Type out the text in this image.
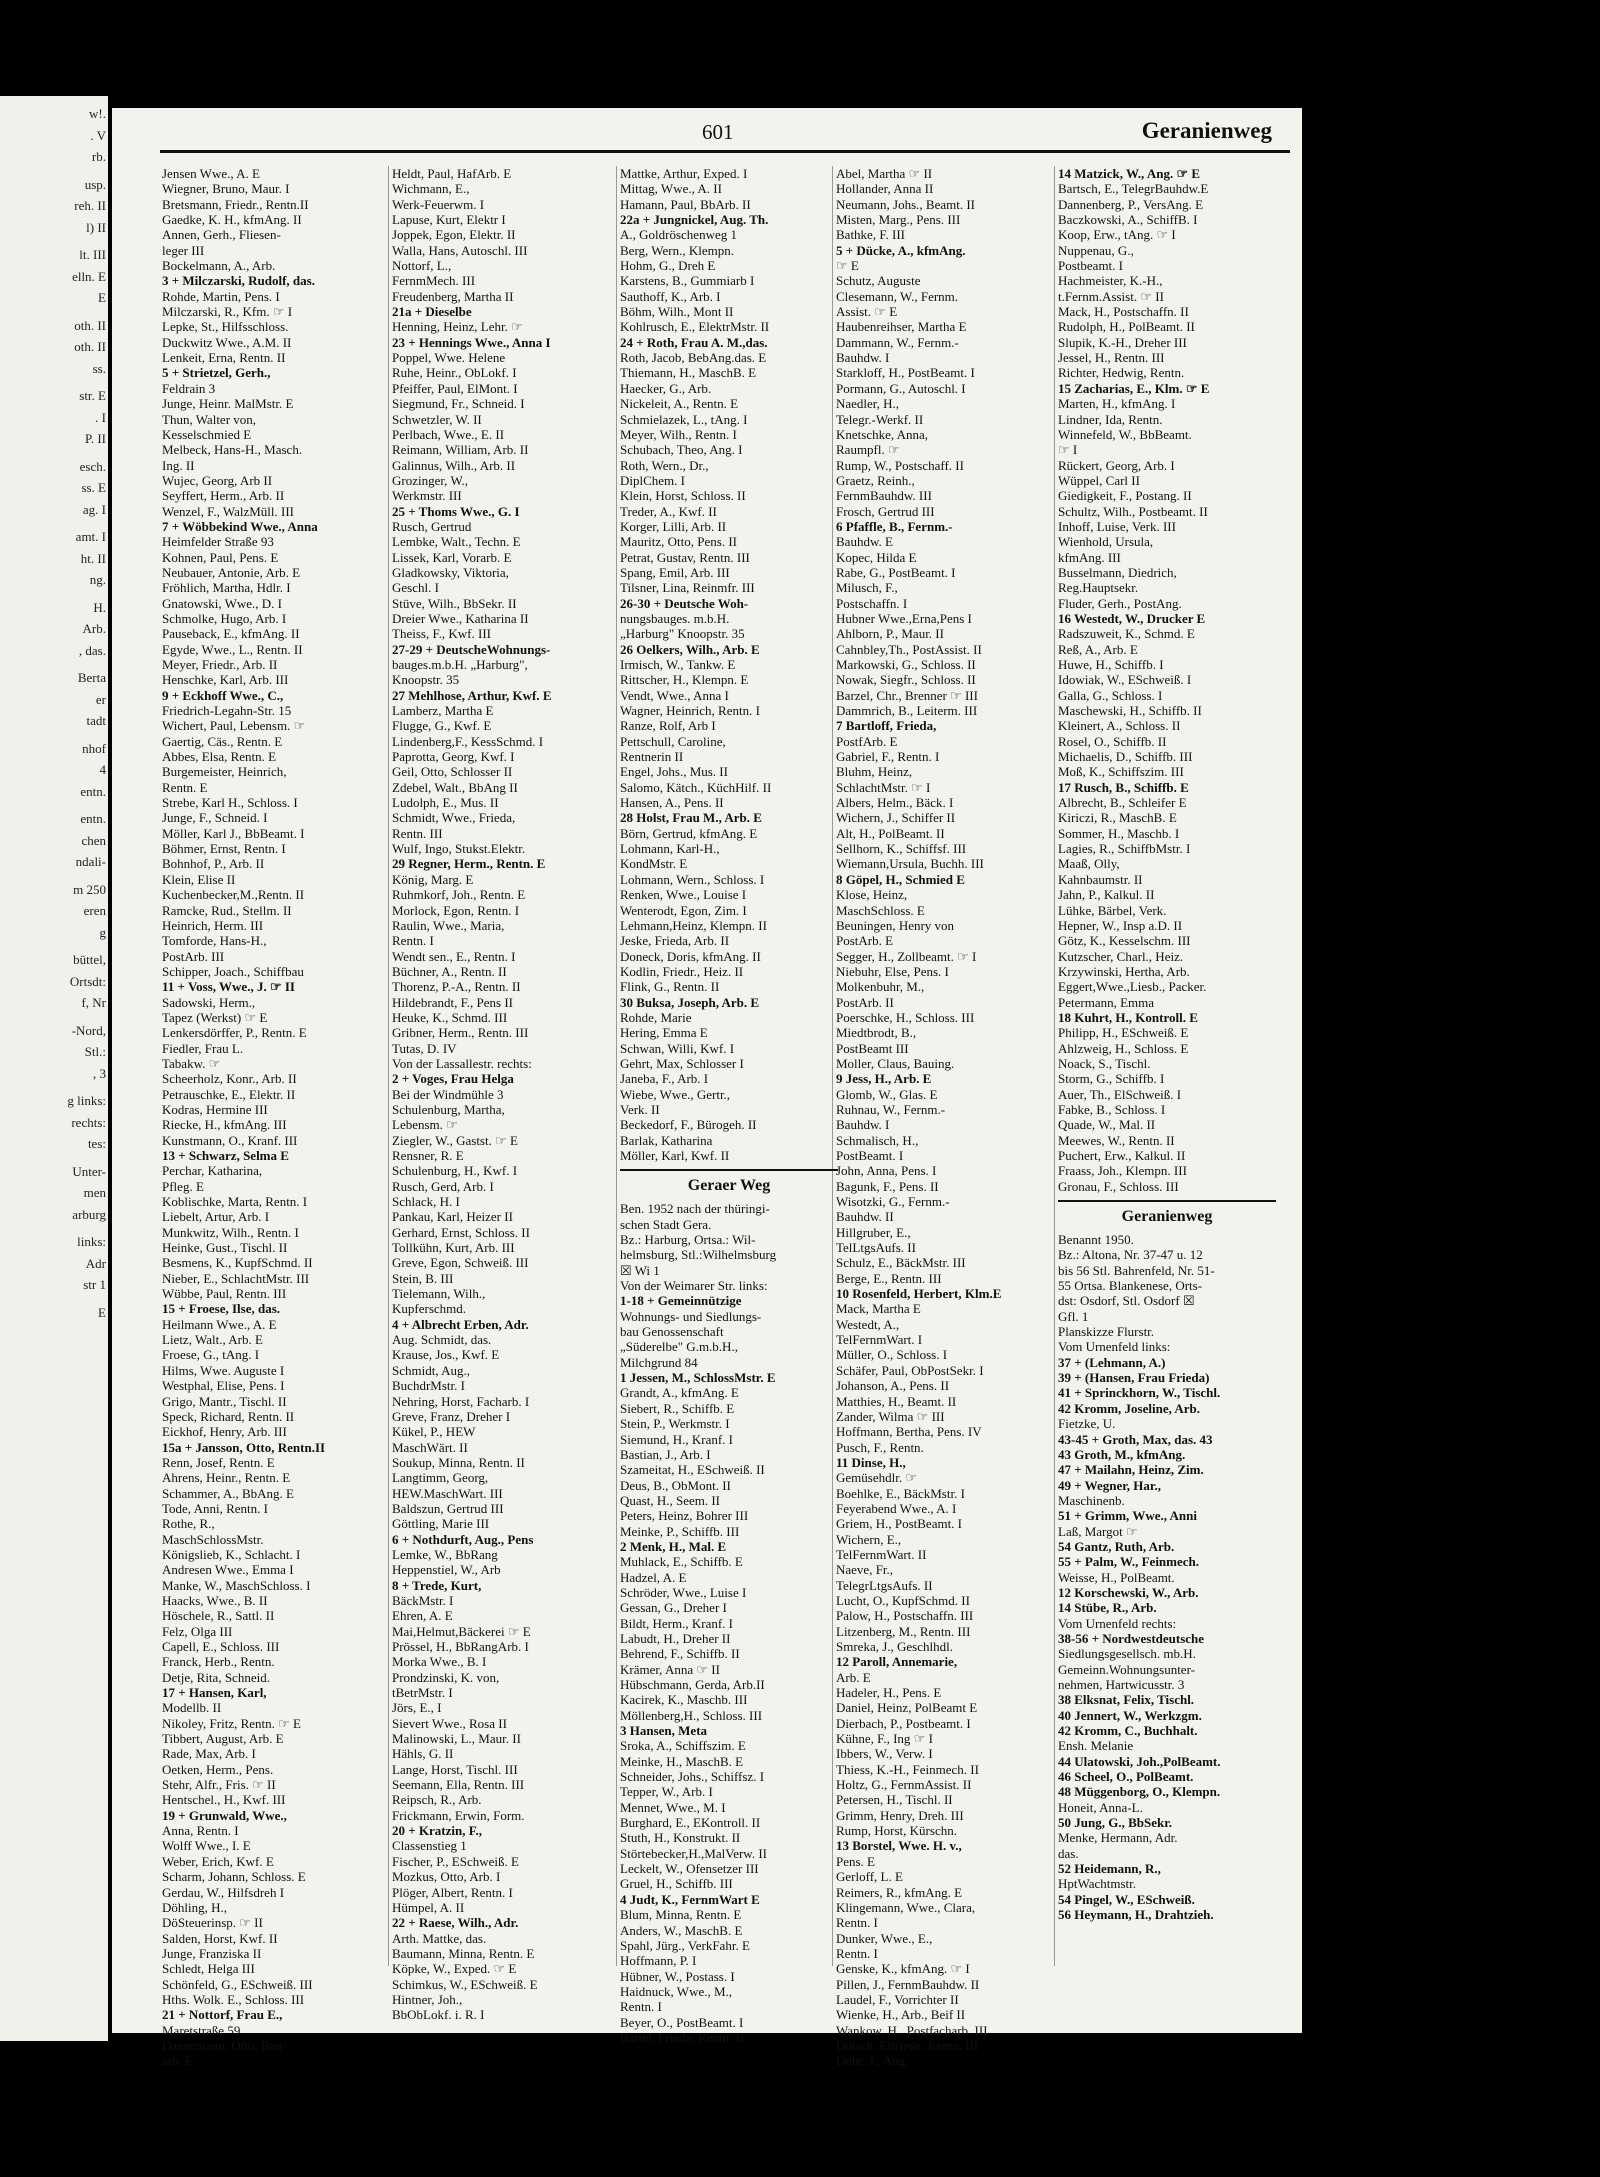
w!.
. V
rb.
usp.
reh. II
l) II
lt. III
elln. E
E
oth. II
oth. II
ss.
str. E
. I
P. II
esch.
ss. E
ag. I
amt. I
ht. II
ng.
H.
Arb.
, das.
Berta
er
tadt
nhof
4
entn.
entn.
chen
ndali-
m 250
eren
g
büttel,
Ortsdt:
f, Nr
-Nord,
Stl.:
, 3
g links:
rechts:
tes:
Unter-
men
arburg
links:
Adr
str 1
E
601	Geranienweg
Jensen Wwe., A. E
Wiegner, Bruno, Maur. I
Bretsmann, Friedr., Rentn.II
Gaedke, K. H., kfmAng. II
Annen, Gerh., Fliesen-
leger III
Bockelmann, A., Arb.
3 + Milczarski, Rudolf, das.
Rohde, Martin, Pens. I
Milczarski, R., Kfm. ☞ I
Lepke, St., Hilfsschloss.
Duckwitz Wwe., A.M. II
Lenkeit, Erna, Rentn. II
5 + Strietzel, Gerh.,
Feldrain 3
Junge, Heinr. MalMstr. E
Thun, Walter von,
Kesselschmied E
Melbeck, Hans-H., Masch.
Ing. II
Wujec, Georg, Arb II
Seyffert, Herm., Arb. II
Wenzel, F., WalzMüll. III
7 + Wöbbekind Wwe., Anna
Heimfelder Straße 93
Kohnen, Paul, Pens. E
Neubauer, Antonie, Arb. E
Fröhlich, Martha, Hdlr. I
Gnatowski, Wwe., D. I
Schmolke, Hugo, Arb. I
Pauseback, E., kfmAng. II
Egyde, Wwe., L., Rentn. II
Meyer, Friedr., Arb. II
Henschke, Karl, Arb. III
9 + Eckhoff Wwe., C.,
Friedrich-Legahn-Str. 15
Wichert, Paul, Lebensm. ☞
Gaertig, Cäs., Rentn. E
Abbes, Elsa, Rentn. E
Burgemeister, Heinrich,
Rentn. E
Strebe, Karl H., Schloss. I
Junge, F., Schneid. I
Möller, Karl J., BbBeamt. I
Böhmer, Ernst, Rentn. I
Bohnhof, P., Arb. II
Klein, Elise II
Kuchenbecker,M.,Rentn. II
Ramcke, Rud., Stellm. II
Heinrich, Herm. III
Tomforde, Hans-H.,
PostArb. III
Schipper, Joach., Schiffbau
11 + Voss, Wwe., J. ☞ II
Sadowski, Herm.,
Tapez (Werkst) ☞ E
Lenkersdörffer, P., Rentn. E
Fiedler, Frau L.
Tabakw. ☞
Scheerholz, Konr., Arb. II
Petrauschke, E., Elektr. II
Kodras, Hermine III
Riecke, H., kfmAng. III
Kunstmann, O., Kranf. III
13 + Schwarz, Selma E
Perchar, Katharina,
Pfleg. E
Koblischke, Marta, Rentn. I
Liebelt, Artur, Arb. I
Munkwitz, Wilh., Rentn. I
Heinke, Gust., Tischl. II
Besmens, K., KupfSchmd. II
Nieber, E., SchlachtMstr. III
Wübbe, Paul, Rentn. III
15 + Froese, Ilse, das.
Heilmann Wwe., A. E
Lietz, Walt., Arb. E
Froese, G., tAng. I
Hilms, Wwe. Auguste I
Westphal, Elise, Pens. I
Grigo, Mantr., Tischl. II
Speck, Richard, Rentn. II
Eickhof, Henry, Arb. III
15a + Jansson, Otto, Rentn.II
Renn, Josef, Rentn. E
Ahrens, Heinr., Rentn. E
Schammer, A., BbAng. E
Tode, Anni, Rentn. I
Rothe, R.,
MaschSchlossMstr.
Königslieb, K., Schlacht. I
Andresen Wwe., Emma I
Manke, W., MaschSchloss. I
Haacks, Wwe., B. II
Höschele, R., Sattl. II
Felz, Olga III
Capell, E., Schloss. III
Franck, Herb., Rentn.
Detje, Rita, Schneid.
17 + Hansen, Karl,
Modellb. II
Nikoley, Fritz, Rentn. ☞ E
Tibbert, August, Arb. E
Rade, Max, Arb. I
Oetken, Herm., Pens.
Stehr, Alfr., Fris. ☞ II
Hentschel., H., Kwf. III
19 + Grunwald, Wwe.,
Anna, Rentn. I
Wolff Wwe., I. E
Weber, Erich, Kwf. E
Scharm, Johann, Schloss. E
Gerdau, W., Hilfsdreh I
Döhling, H.,
DöSteuerinsp. ☞ II
Salden, Horst, Kwf. II
Junge, Franziska II
Schledt, Helga III
Schönfeld, G., ESchweiß. III
Hths. Wolk. E., Schloss. III
21 + Nottorf, Frau E.,
Maretstraße 59
Dannemann, Otto, Bau-
arb. E
Heldt, Paul, HafArb. E
Wichmann, E.,
Werk-Feuerwm. I
Lapuse, Kurt, Elektr I
Joppek, Egon, Elektr. II
Walla, Hans, Autoschl. III
Nottorf, L.,
FernmMech. III
Freudenberg, Martha II
21a + Dieselbe
Henning, Heinz, Lehr. ☞
23 + Hennings Wwe., Anna I
Poppel, Wwe. Helene
Ruhe, Heinr., ObLokf. I
Pfeiffer, Paul, ElMont. I
Siegmund, Fr., Schneid. I
Schwetzler, W. II
Perlbach, Wwe., E. II
Reimann, William, Arb. II
Galinnus, Wilh., Arb. II
Grozinger, W.,
Werkmstr. III
25 + Thoms Wwe., G. I
Rusch, Gertrud
Lembke, Walt., Techn. E
Lissek, Karl, Vorarb. E
Gladkowsky, Viktoria,
Geschl. I
Stüve, Wilh., BbSekr. II
Dreier Wwe., Katharina II
Theiss, F., Kwf. III
27-29 + DeutscheWohnungs-
bauges.m.b.H. „Harburg",
Knoopstr. 35
27 Mehlhose, Arthur, Kwf. E
Lamberz, Martha E
Flugge, G., Kwf. E
Lindenberg,F., KessSchmd. I
Paprotta, Georg, Kwf. I
Geil, Otto, Schlosser II
Zdebel, Walt., BbAng II
Ludolph, E., Mus. II
Schmidt, Wwe., Frieda,
Rentn. III
Wulf, Ingo, Stukst.Elektr.
29 Regner, Herm., Rentn. E
König, Marg. E
Ruhmkorf, Joh., Rentn. E
Morlock, Egon, Rentn. I
Raulin, Wwe., Maria,
Rentn. I
Wendt sen., E., Rentn. I
Büchner, A., Rentn. II
Thorenz, P.-A., Rentn. II
Hildebrandt, F., Pens II
Heuke, K., Schmd. III
Gribner, Herm., Rentn. III
Tutas, D. IV
Von der Lassallestr. rechts:
2 + Voges, Frau Helga
Bei der Windmühle 3
Schulenburg, Martha,
Lebensm. ☞
Ziegler, W., Gastst. ☞ E
Rensner, R. E
Schulenburg, H., Kwf. I
Rusch, Gerd, Arb. I
Schlack, H. I
Pankau, Karl, Heizer II
Gerhard, Ernst, Schloss. II
Tollkühn, Kurt, Arb. III
Greve, Egon, Schweiß. III
Stein, B. III
Tielemann, Wilh.,
Kupferschmd.
4 + Albrecht Erben, Adr.
Aug. Schmidt, das.
Krause, Jos., Kwf. E
Schmidt, Aug.,
BuchdrMstr. I
Nehring, Horst, Facharb. I
Greve, Franz, Dreher I
Kükel, P., HEW
MaschWärt. II
Soukup, Minna, Rentn. II
Langtimm, Georg,
HEW.MaschWart. III
Baldszun, Gertrud III
Göttling, Marie III
6 + Nothdurft, Aug., Pens
Lemke, W., BbRang
Heppenstiel, W., Arb
8 + Trede, Kurt,
BäckMstr. I
Ehren, A. E
Mai,Helmut,Bäckerei ☞ E
Prössel, H., BbRangArb. I
Morka Wwe., B. I
Prondzinski, K. von,
tBetrMstr. I
Jörs, E., I
Sievert Wwe., Rosa II
Malinowski, L., Maur. II
Hähls, G. II
Lange, Horst, Tischl. III
Seemann, Ella, Rentn. III
Reipsch, R., Arb.
Frickmann, Erwin, Form.
20 + Kratzin, F.,
Classenstieg 1
Fischer, P., ESchweiß. E
Mozkus, Otto, Arb. I
Plöger, Albert, Rentn. I
Hümpel, A. II
22 + Raese, Wilh., Adr.
Arth. Mattke, das.
Baumann, Minna, Rentn. E
Köpke, W., Exped. ☞ E
Schimkus, W., ESchweiß. E
Hintner, Joh.,
BbObLokf. i. R. I
Mattke, Arthur, Exped. I
Mittag, Wwe., A. II
Hamann, Paul, BbArb. II
22a + Jungnickel, Aug. Th.
A., Goldröschenweg 1
Berg, Wern., Klempn.
Hohm, G., Dreh E
Karstens, B., Gummiarb I
Sauthoff, K., Arb. I
Böhm, Wilh., Mont II
Kohlrusch, E., ElektrMstr. II
24 + Roth, Frau A. M.,das.
Roth, Jacob, BebAng.das. E
Thiemann, H., MaschB. E
Haecker, G., Arb.
Nickeleit, A., Rentn. E
Schmielazek, L., tAng. I
Meyer, Wilh., Rentn. I
Schubach, Theo, Ang. I
Roth, Wern., Dr.,
DiplChem. I
Klein, Horst, Schloss. II
Treder, A., Kwf. II
Korger, Lilli, Arb. II
Mauritz, Otto, Pens. II
Petrat, Gustav, Rentn. III
Spang, Emil, Arb. III
Tilsner, Lina, Reinmfr. III
26-30 + Deutsche Woh-
nungsbauges. m.b.H.
„Harburg" Knoopstr. 35
26 Oelkers, Wilh., Arb. E
Irmisch, W., Tankw. E
Rittscher, H., Klempn. E
Vendt, Wwe., Anna I
Wagner, Heinrich, Rentn. I
Ranze, Rolf, Arb I
Pettschull, Caroline,
Rentnerin II
Engel, Johs., Mus. II
Salomo, Kätch., KüchHilf. II
Hansen, A., Pens. II
28 Holst, Frau M., Arb. E
Börn, Gertrud, kfmAng. E
Lohmann, Karl-H.,
KondMstr. E
Lohmann, Wern., Schloss. I
Renken, Wwe., Louise I
Wenterodt, Egon, Zim. I
Lehmann,Heinz, Klempn. II
Jeske, Frieda, Arb. II
Doneck, Doris, kfmAng. II
Kodlin, Friedr., Heiz. II
Flink, G., Rentn. II
30 Buksa, Joseph, Arb. E
Rohde, Marie
Hering, Emma E
Schwan, Willi, Kwf. I
Gehrt, Max, Schlosser I
Janeba, F., Arb. I
Wiebe, Wwe., Gertr.,
Verk. II
Beckedorf, F., Bürogeh. II
Barlak, Katharina
Möller, Karl, Kwf. II
Geraer Weg
Ben. 1952 nach der thüringi-
schen Stadt Gera.
Bz.: Harburg, Ortsa.: Wil-
helmsburg, Stl.:Wilhelmsburg
☒ Wi 1
Von der Weimarer Str. links:
1-18 + Gemeinnützige
Wohnungs- und Siedlungs-
bau Genossenschaft
„Süderelbe" G.m.b.H.,
Milchgrund 84
1 Jessen, M., SchlossMstr. E
Grandt, A., kfmAng. E
Siebert, R., Schiffb. E
Stein, P., Werkmstr. I
Siemund, H., Kranf. I
Bastian, J., Arb. I
Szameitat, H., ESchweiß. II
Deus, B., ObMont. II
Quast, H., Seem. II
Peters, Heinz, Bohrer III
Meinke, P., Schiffb. III
2 Menk, H., Mal. E
Muhlack, E., Schiffb. E
Hadzel, A. E
Schröder, Wwe., Luise I
Gessan, G., Dreher I
Bildt, Herm., Kranf. I
Labudt, H., Dreher II
Behrend, F., Schiffb. II
Krämer, Anna ☞ II
Hübschmann, Gerda, Arb.II
Kacirek, K., Maschb. III
Möllenberg,H., Schloss. III
3 Hansen, Meta
Sroka, A., Schiffszim. E
Meinke, H., MaschB. E
Schneider, Johs., Schiffsz. I
Tepper, W., Arb. I
Mennet, Wwe., M. I
Burghard, E., EKontroll. II
Stuth, H., Konstrukt. II
Störtebecker,H.,MalVerw. II
Leckelt, W., Ofensetzer III
Gruel, H., Schiffb. III
4 Judt, K., FernmWart E
Blum, Minna, Rentn. E
Anders, W., MaschB. E
Spahl, Jürg., VerkFahr. E
Hoffmann, P. I
Hübner, W., Postass. I
Haidnuck, Wwe., M.,
Rentn. I
Beyer, O., PostBeamt. I
Bartel, Frieda, Rentn. II
Abel, Martha ☞ II
Hollander, Anna II
Neumann, Johs., Beamt. II
Misten, Marg., Pens. III
Bathke, F. III
5 + Dücke, A., kfmAng.
☞ E
Schutz, Auguste
Clesemann, W., Fernm.
Assist. ☞ E
Haubenreihser, Martha E
Dammann, W., Fernm.-
Bauhdw. I
Starkloff, H., PostBeamt. I
Pormann, G., Autoschl. I
Naedler, H.,
Telegr.-Werkf. II
Knetschke, Anna,
Raumpfl. ☞
Rump, W., Postschaff. II
Graetz, Reinh.,
FernmBauhdw. III
Frosch, Gertrud III
6 Pfaffle, B., Fernm.-
Bauhdw. E
Kopec, Hilda E
Rabe, G., PostBeamt. I
Milusch, F.,
Postschaffn. I
Hubner Wwe.,Erna,Pens I
Ahlborn, P., Maur. II
Cahnbley,Th., PostAssist. II
Markowski, G., Schloss. II
Nowak, Siegfr., Schloss. II
Barzel, Chr., Brenner ☞ III
Dammrich, B., Leiterm. III
7 Bartloff, Frieda,
PostfArb. E
Gabriel, F., Rentn. I
Bluhm, Heinz,
SchlachtMstr. ☞ I
Albers, Helm., Bäck. I
Wichern, J., Schiffer II
Alt, H., PolBeamt. II
Sellhorn, K., Schiffsf. III
Wiemann,Ursula, Buchh. III
8 Göpel, H., Schmied E
Klose, Heinz,
MaschSchloss. E
Beuningen, Henry von
PostArb. E
Segger, H., Zollbeamt. ☞ I
Niebuhr, Else, Pens. I
Molkenbuhr, M.,
PostArb. II
Poerschke, H., Schloss. III
Miedtbrodt, B.,
PostBeamt III
Moller, Claus, Bauing.
9 Jess, H., Arb. E
Glomb, W., Glas. E
Ruhnau, W., Fernm.-
Bauhdw. I
Schmalisch, H.,
PostBeamt. I
John, Anna, Pens. I
Bagunk, F., Pens. II
Wisotzki, G., Fernm.-
Bauhdw. II
Hillgruber, E.,
TelLtgsAufs. II
Schulz, E., BäckMstr. III
Berge, E., Rentn. III
10 Rosenfeld, Herbert, Klm.E
Mack, Martha E
Westedt, A.,
TelFernmWart. I
Müller, O., Schloss. I
Schäfer, Paul, ObPostSekr. I
Johanson, A., Pens. II
Matthies, H., Beamt. II
Zander, Wilma ☞ III
Hoffmann, Bertha, Pens. IV
Pusch, F., Rentn.
11 Dinse, H.,
Gemüsehdlr. ☞
Boehlke, E., BäckMstr. I
Feyerabend Wwe., A. I
Griem, H., PostBeamt. I
Wichern, E.,
TelFernmWart. II
Naeve, Fr.,
TelegrLtgsAufs. II
Lucht, O., KupfSchmd. II
Palow, H., Postschaffn. III
Litzenberg, M., Rentn. III
Smreka, J., Geschlhdl.
12 Paroll, Annemarie,
Arb. E
Hadeler, H., Pens. E
Daniel, Heinz, PolBeamt E
Dierbach, P., Postbeamt. I
Kühne, F., Ing ☞ I
Ibbers, W., Verw. I
Thiess, K.-H., Feinmech. II
Holtz, G., FernmAssist. II
Petersen, H., Tischl. II
Grimm, Henry, Dreh. III
Rump, Horst, Kürschn.
13 Borstel, Wwe. H. v.,
Pens. E
Gerloff, L. E
Reimers, R., kfmAng. E
Klingemann, Wwe., Clara,
Rentn. I
Dunker, Wwe., E.,
Rentn. I
Genske, K., kfmAng. ☞ I
Pillen, J., FernmBauhdw. II
Laudel, F., Vorrichter II
Wienke, H., Arb., Beif II
Wankow, H., Postfacharb. III
Dütsch, Elfriede, Rentn. III
Dohr, J., Ang.
14 Matzick, W., Ang. ☞ E
Bartsch, E., TelegrBauhdw.E
Dannenberg, P., VersAng. E
Baczkowski, A., SchiffB. I
Koop, Erw., tAng. ☞ I
Nuppenau, G.,
Postbeamt. I
Hachmeister, K.-H.,
t.Fernm.Assist. ☞ II
Mack, H., Postschaffn. II
Rudolph, H., PolBeamt. II
Slupik, K.-H., Dreher III
Jessel, H., Rentn. III
Richter, Hedwig, Rentn.
15 Zacharias, E., Klm. ☞ E
Marten, H., kfmAng. I
Lindner, Ida, Rentn.
Winnefeld, W., BbBeamt.
☞ I
Rückert, Georg, Arb. I
Wüppel, Carl II
Giedigkeit, F., Postang. II
Schultz, Wilh., Postbeamt. II
Inhoff, Luise, Verk. III
Wienhold, Ursula,
kfmAng. III
Busselmann, Diedrich,
Reg.Hauptsekr.
Fluder, Gerh., PostAng.
16 Westedt, W., Drucker E
Radszuweit, K., Schmd. E
Reß, A., Arb. E
Huwe, H., Schiffb. I
Idowiak, W., ESchweiß. I
Galla, G., Schloss. I
Maschewski, H., Schiffb. II
Kleinert, A., Schloss. II
Rosel, O., Schiffb. II
Michaelis, D., Schiffb. III
Moß, K., Schiffszim. III
17 Rusch, B., Schiffb. E
Albrecht, B., Schleifer E
Kiriczi, R., MaschB. E
Sommer, H., Maschb. I
Lagies, R., SchiffbMstr. I
Maaß, Olly,
Kahnbaumstr. II
Jahn, P., Kalkul. II
Lühke, Bärbel, Verk.
Hepner, W., Insp a.D. II
Götz, K., Kesselschm. III
Kutzscher, Charl., Heiz.
Krzywinski, Hertha, Arb.
Eggert,Wwe.,Liesb., Packer.
Petermann, Emma
18 Kuhrt, H., Kontroll. E
Philipp, H., ESchweiß. E
Ahlzweig, H., Schloss. E
Noack, S., Tischl.
Storm, G., Schiffb. I
Auer, Th., ElSchweiß. I
Fabke, B., Schloss. I
Quade, W., Mal. II
Meewes, W., Rentn. II
Puchert, Erw., Kalkul. II
Fraass, Joh., Klempn. III
Gronau, F., Schloss. III
Geranienweg
Benannt 1950.
Bz.: Altona, Nr. 37-47 u. 12
bis 56 Stl. Bahrenfeld, Nr. 51-
55 Ortsa. Blankenese, Orts-
dst: Osdorf, Stl. Osdorf ☒
Gfl. 1
Planskizze Flurstr.
Vom Urnenfeld links:
37 + (Lehmann, A.)
39 + (Hansen, Frau Frieda)
41 + Sprinckhorn, W., Tischl.
42 Kromm, Joseline, Arb.
Fietzke, U.
43-45 + Groth, Max, das. 43
43 Groth, M., kfmAng.
47 + Mailahn, Heinz, Zim.
49 + Wegner, Har.,
Maschinenb.
51 + Grimm, Wwe., Anni
Laß, Margot ☞
54 Gantz, Ruth, Arb.
55 + Palm, W., Feinmech.
Weisse, H., PolBeamt.
12 Korschewski, W., Arb.
14 Stübe, R., Arb.
Vom Urnenfeld rechts:
38-56 + Nordwestdeutsche
Siedlungsgesellsch. mb.H.
Gemeinn.Wohnungsunter-
nehmen, Hartwicusstr. 3
38 Elksnat, Felix, Tischl.
40 Jennert, W., Werkzgm.
42 Kromm, C., Buchhalt.
Ensh. Melanie
44 Ulatowski, Joh.,PolBeamt.
46 Scheel, O., PolBeamt.
48 Müggenborg, O., Klempn.
Honeit, Anna-L.
50 Jung, G., BbSekr.
Menke, Hermann, Adr.
das.
52 Heidemann, R.,
HptWachtmstr.
54 Pingel, W., ESchweiß.
56 Heymann, H., Drahtzieh.
